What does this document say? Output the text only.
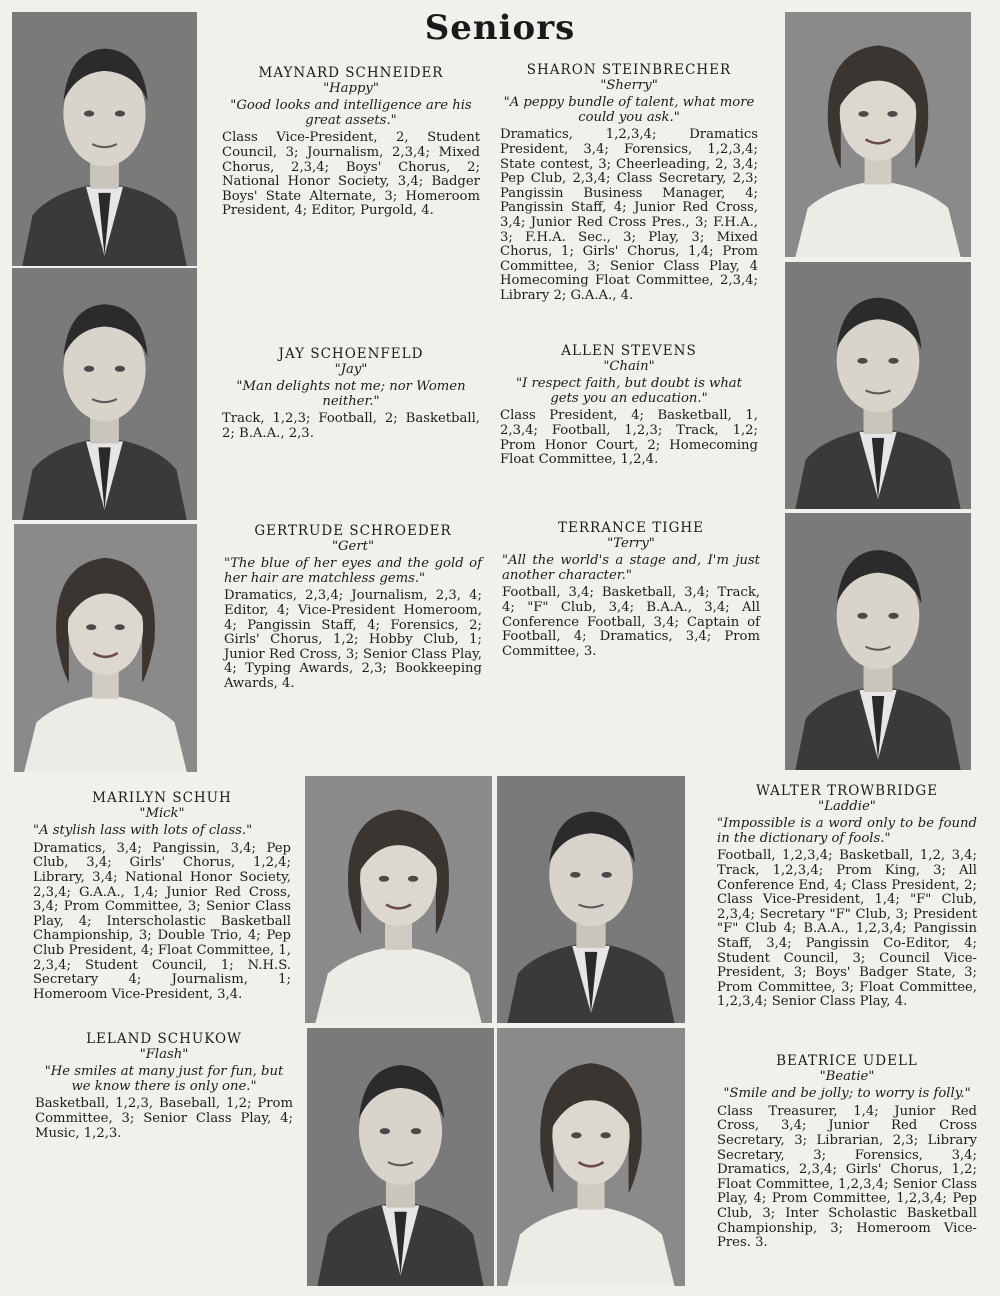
Seniors
MAYNARD SCHNEIDER
"Happy"
"Good looks and intelligence are his great assets."
Class Vice-President, 2, Student Council, 3; Journalism, 2,3,4; Mixed Chorus, 2,3,4; Boys' Chorus, 2; National Honor Society, 3,4; Badger Boys' State Alternate, 3; Homeroom President, 4; Editor, Purgold, 4.
SHARON STEINBRECHER
"Sherry"
"A peppy bundle of talent, what more could you ask."
Dramatics, 1,2,3,4; Dramatics President, 3,4; Forensics, 1,2,3,4; State contest, 3; Cheerleading, 2, 3,4; Pep Club, 2,3,4; Class Secretary, 2,3; Pangissin Business Manager, 4; Pangissin Staff, 4; Junior Red Cross, 3,4; Junior Red Cross Pres., 3; F.H.A., 3; F.H.A. Sec., 3; Play, 3; Mixed Chorus, 1; Girls' Chorus, 1,4; Prom Committee, 3; Senior Class Play, 4 Homecoming Float Committee, 2,3,4; Library 2; G.A.A., 4.
JAY SCHOENFELD
"Jay"
"Man delights not me; nor Women neither."
Track, 1,2,3; Football, 2; Basketball, 2; B.A.A., 2,3.
ALLEN STEVENS
"Chain"
"I respect faith, but doubt is what gets you an education."
Class President, 4; Basketball, 1, 2,3,4; Football, 1,2,3; Track, 1,2; Prom Honor Court, 2; Homecoming Float Committee, 1,2,4.
GERTRUDE SCHROEDER
"Gert"
"The blue of her eyes and the gold of her hair are matchless gems."
Dramatics, 2,3,4; Journalism, 2,3, 4; Editor, 4; Vice-President Homeroom, 4; Pangissin Staff, 4; Forensics, 2; Girls' Chorus, 1,2; Hobby Club, 1; Junior Red Cross, 3; Senior Class Play, 4; Typing Awards, 2,3; Bookkeeping Awards, 4.
TERRANCE TIGHE
"Terry"
"All the world's a stage and, I'm just another character."
Football, 3,4; Basketball, 3,4; Track, 4; "F" Club, 3,4; B.A.A., 3,4; All Conference Football, 3,4; Captain of Football, 4; Dramatics, 3,4; Prom Committee, 3.
MARILYN SCHUH
"Mick"
"A stylish lass with lots of class."
Dramatics, 3,4; Pangissin, 3,4; Pep Club, 3,4; Girls' Chorus, 1,2,4; Library, 3,4; National Honor Society, 2,3,4; G.A.A., 1,4; Junior Red Cross, 3,4; Prom Committee, 3; Senior Class Play, 4; Interscholastic Basketball Championship, 3; Double Trio, 4; Pep Club President, 4; Float Committee, 1, 2,3,4; Student Council, 1; N.H.S. Secretary 4; Journalism, 1; Homeroom Vice-President, 3,4.
LELAND SCHUKOW
"Flash"
"He smiles at many just for fun, but we know there is only one."
Basketball, 1,2,3, Baseball, 1,2; Prom Committee, 3; Senior Class Play, 4; Music, 1,2,3.
WALTER TROWBRIDGE
"Laddie"
"Impossible is a word only to be found in the dictionary of fools."
Football, 1,2,3,4; Basketball, 1,2, 3,4; Track, 1,2,3,4; Prom King, 3; All Conference End, 4; Class President, 2; Class Vice-President, 1,4; "F" Club, 2,3,4; Secretary "F" Club, 3; President "F" Club 4; B.A.A., 1,2,3,4; Pangissin Staff, 3,4; Pangissin Co-Editor, 4; Student Council, 3; Council Vice-President, 3; Boys' Badger State, 3; Prom Committee, 3; Float Committee, 1,2,3,4; Senior Class Play, 4.
BEATRICE UDELL
"Beatie"
"Smile and be jolly; to worry is folly."
Class Treasurer, 1,4; Junior Red Cross, 3,4; Junior Red Cross Secretary, 3; Librarian, 2,3; Library Secretary, 3; Forensics, 3,4; Dramatics, 2,3,4; Girls' Chorus, 1,2; Float Committee, 1,2,3,4; Senior Class Play, 4; Prom Committee, 1,2,3,4; Pep Club, 3; Inter Scholastic Basketball Championship, 3; Homeroom Vice-Pres. 3.
